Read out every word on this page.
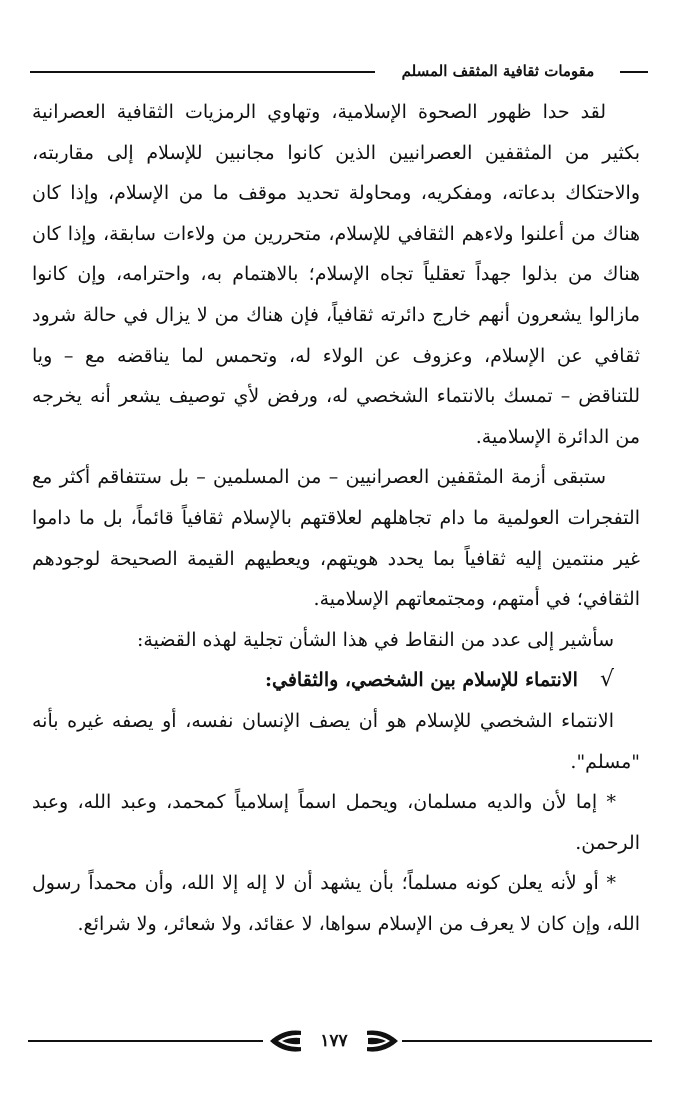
مقومات ثقافية المثقف المسلم

لقد حدا ظهور الصحوة الإسلامية، وتهاوي الرمزيات الثقافية العصرانية بكثير من المثقفين العصرانيين الذين كانوا مجانبين للإسلام إلى مقاربته، والاحتكاك بدعاته، ومفكريه، ومحاولة تحديد موقف ما من الإسلام، وإذا كان هناك من أعلنوا ولاءهم الثقافي للإسلام، متحررين من ولاءات سابقة، وإذا كان هناك من بذلوا جهداً تعقلياً تجاه الإسلام؛ بالاهتمام به، واحترامه، وإن كانوا مازالوا يشعرون أنهم خارج دائرته ثقافياً، فإن هناك من لا يزال في حالة شرود ثقافي عن الإسلام، وعزوف عن الولاء له، وتحمس لما يناقضه مع – ويا للتناقض – تمسك بالانتماء الشخصي له، ورفض لأي توصيف يشعر أنه يخرجه من الدائرة الإسلامية.

ستبقى أزمة المثقفين العصرانيين – من المسلمين – بل ستتفاقم أكثر مع التفجرات العولمية ما دام تجاهلهم لعلاقتهم بالإسلام ثقافياً قائماً، بل ما داموا غير منتمين إليه ثقافياً بما يحدد هويتهم، ويعطيهم القيمة الصحيحة لوجودهم الثقافي؛ في أمتهم، ومجتمعاتهم الإسلامية.

سأشير إلى عدد من النقاط في هذا الشأن تجلية لهذه القضية:

√الانتماء للإسلام بين الشخصي، والثقافي:

الانتماء الشخصي للإسلام هو أن يصف الإنسان نفسه، أو يصفه غيره بأنه "مسلم".

* إما لأن والديه مسلمان، ويحمل اسماً إسلامياً كمحمد، وعبد الله، وعبد الرحمن.

* أو لأنه يعلن كونه مسلماً؛ بأن يشهد أن لا إله إلا الله، وأن محمداً رسول الله، وإن كان لا يعرف من الإسلام سواها، لا عقائد، ولا شعائر، ولا شرائع.

١٧٧
